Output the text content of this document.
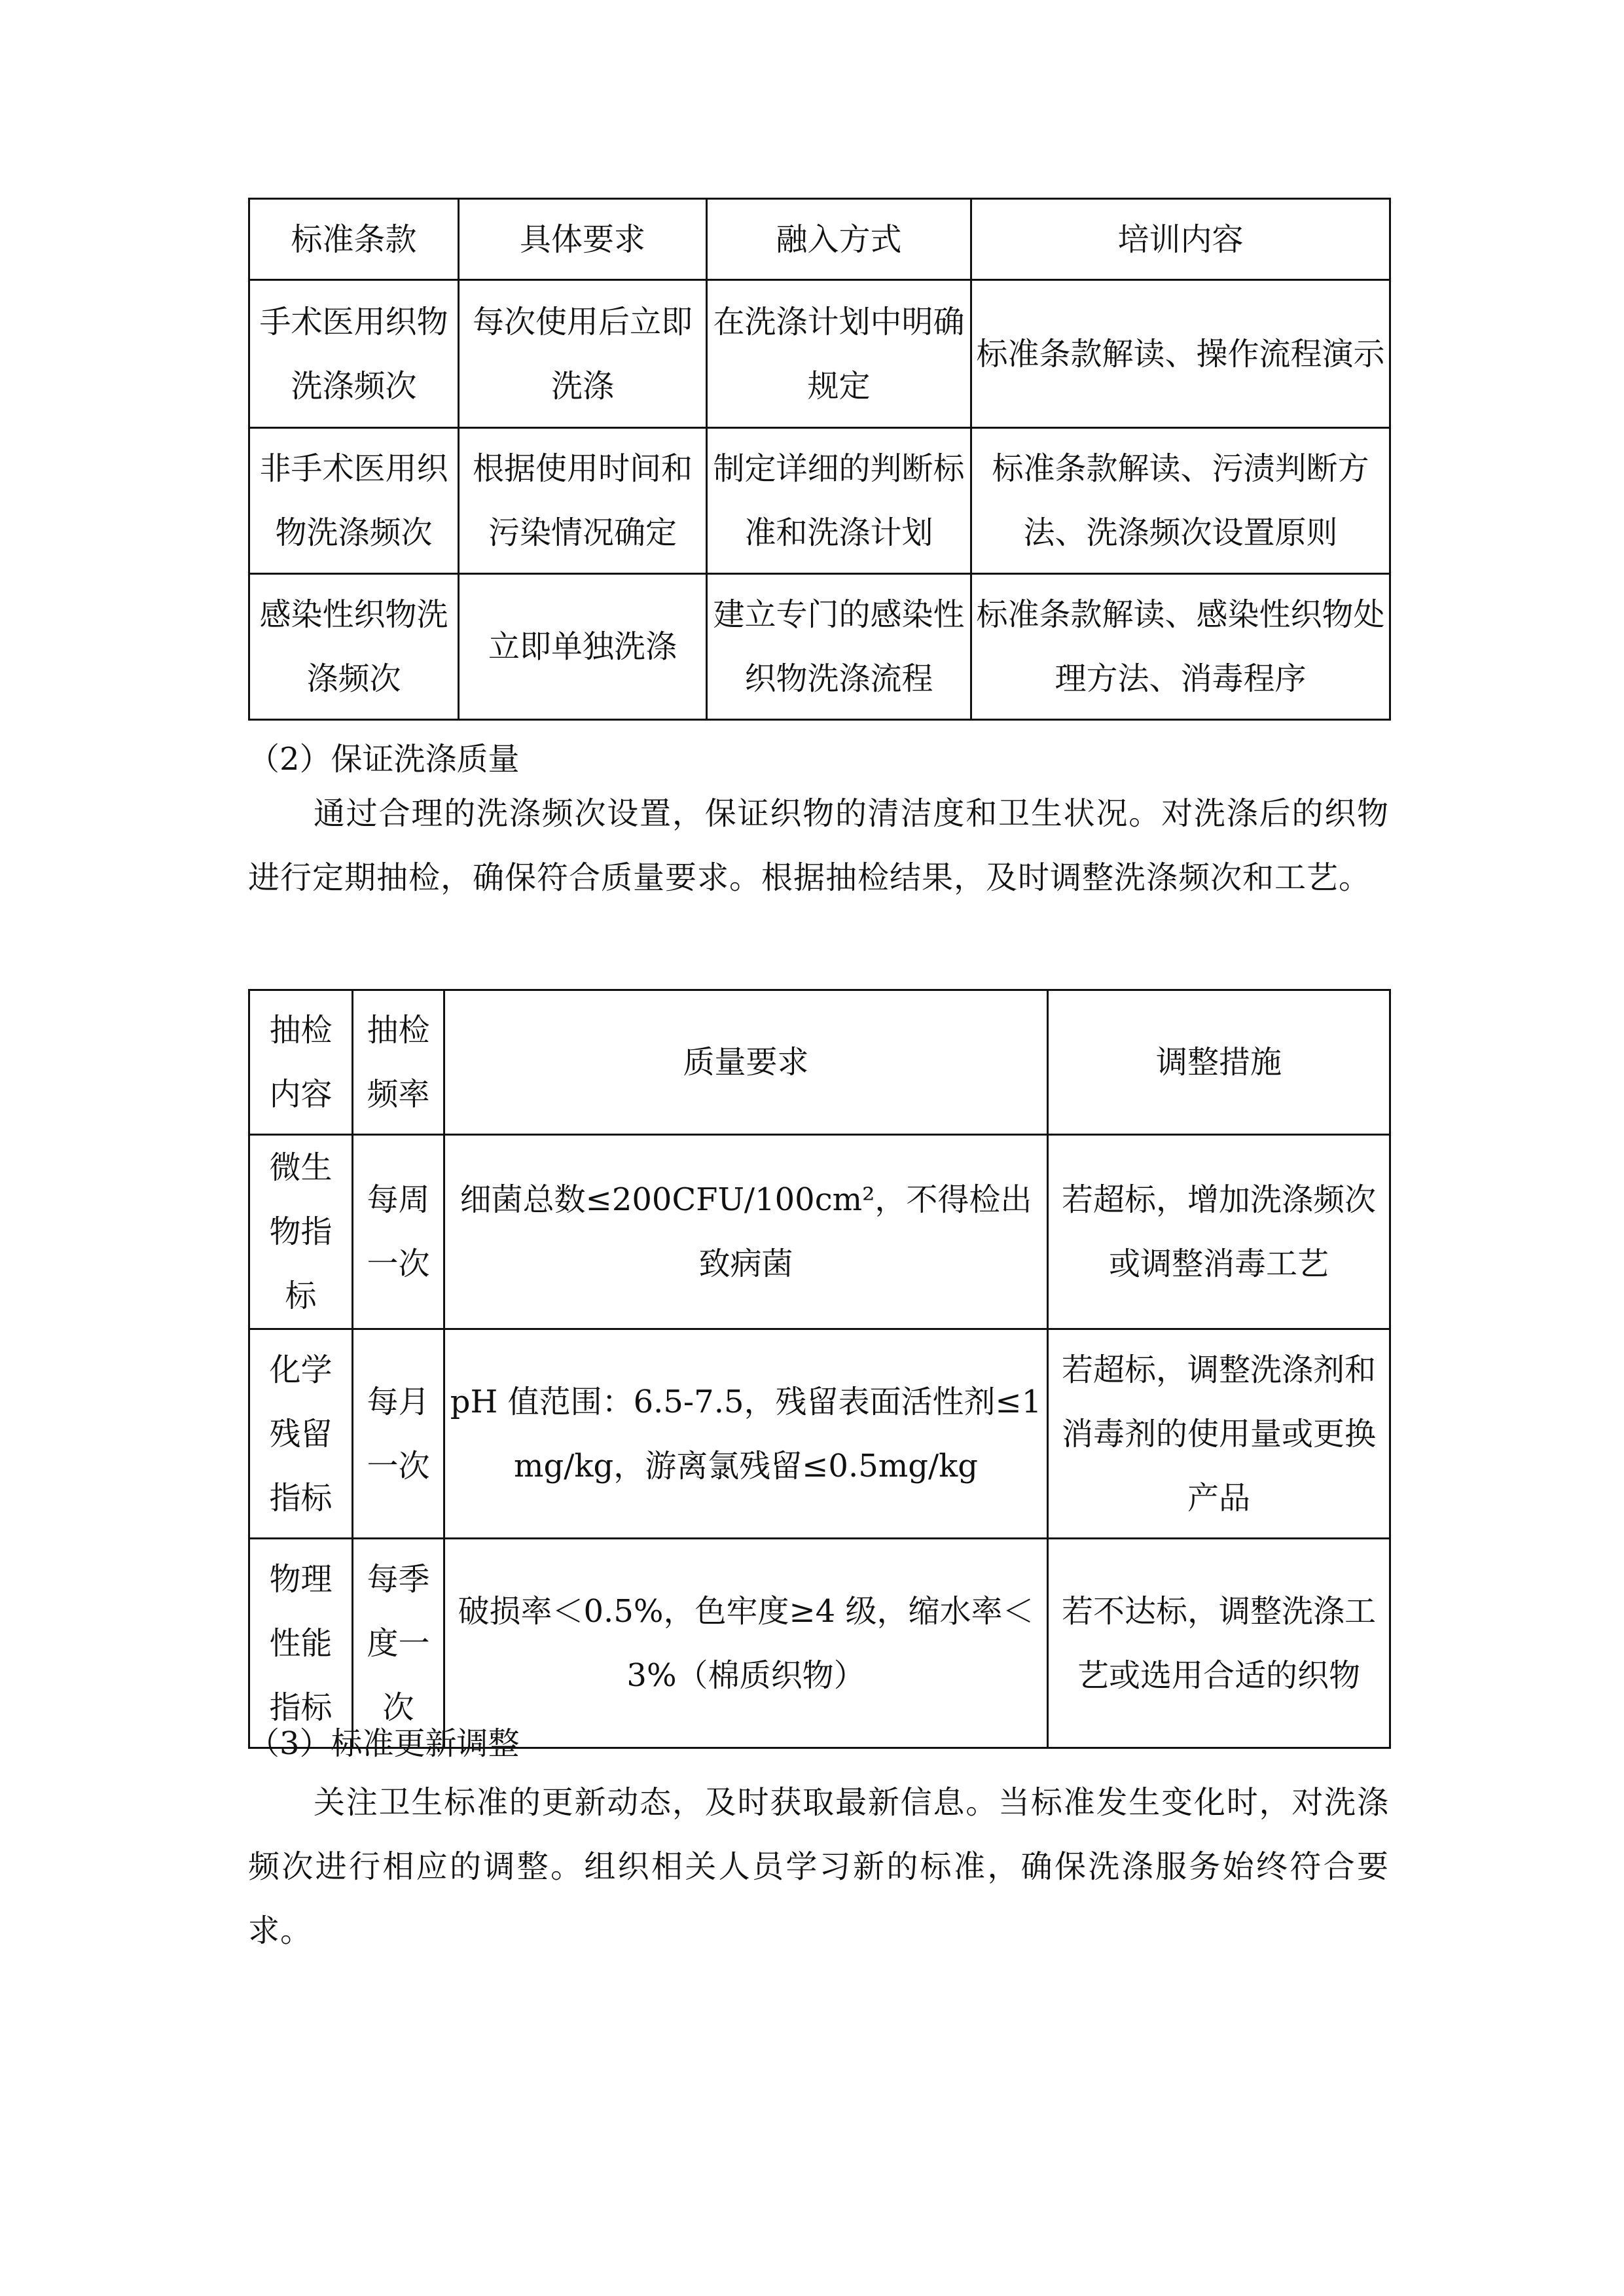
标准条款	具体要求	融入方式	培训内容
手术医用织物洗涤频次	每次使用后立即洗涤	在洗涤计划中明确规定	标准条款解读、操作流程演示
非手术医用织物洗涤频次	根据使用时间和污染情况确定	制定详细的判断标准和洗涤计划	标准条款解读、污渍判断方法、洗涤频次设置原则
感染性织物洗涤频次	立即单独洗涤	建立专门的感染性织物洗涤流程	标准条款解读、感染性织物处理方法、消毒程序
（2）保证洗涤质量
通过合理的洗涤频次设置，保证织物的清洁度和卫生状况。对洗涤后的织物进行定期抽检，确保符合质量要求。根据抽检结果，及时调整洗涤频次和工艺。
抽检内容	抽检频率	质量要求	调整措施
微生物指标	每周一次	细菌总数≤200CFU/100cm²，不得检出致病菌	若超标，增加洗涤频次或调整消毒工艺
化学残留指标	每月一次	pH 值范围：6.5-7.5，残留表面活性剂≤1mg/kg，游离氯残留≤0.5mg/kg	若超标，调整洗涤剂和消毒剂的使用量或更换产品
物理性能指标	每季度一次	破损率＜0.5%，色牢度≥4 级，缩水率＜3%（棉质织物）	若不达标，调整洗涤工艺或选用合适的织物
（3）标准更新调整
关注卫生标准的更新动态，及时获取最新信息。当标准发生变化时，对洗涤频次进行相应的调整。组织相关人员学习新的标准，确保洗涤服务始终符合要求。
